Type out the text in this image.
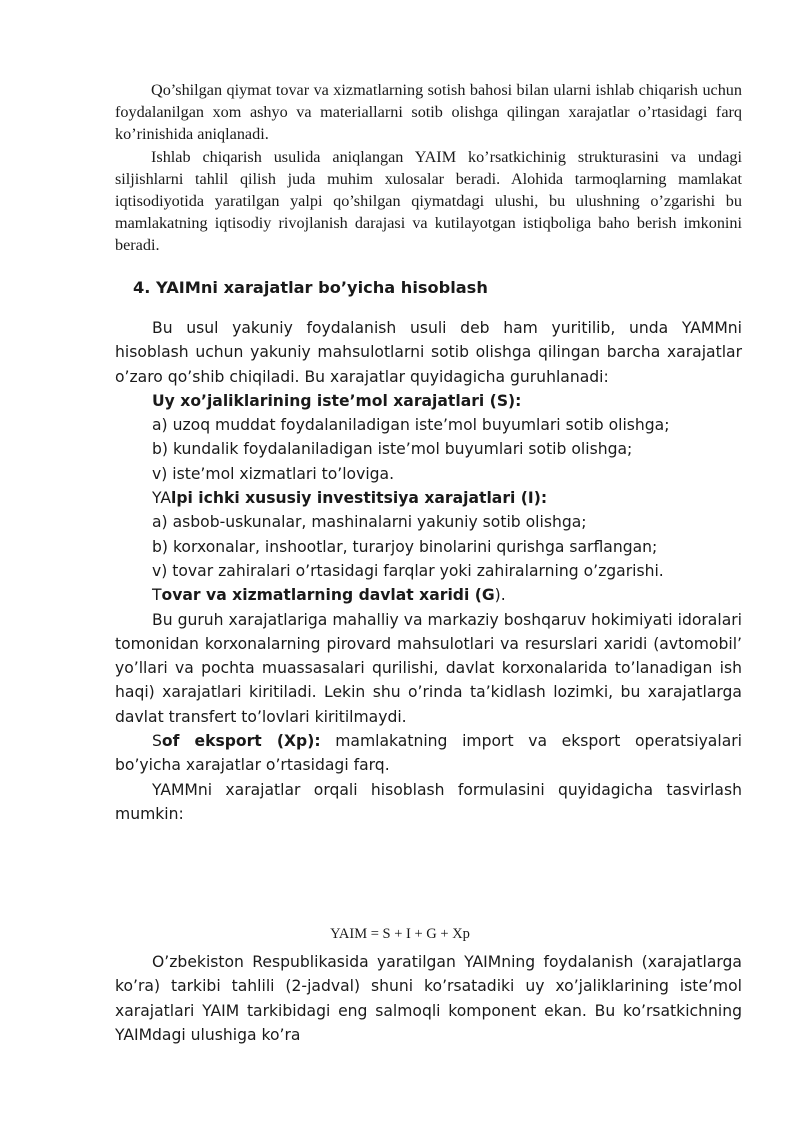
Qo’shilgan qiymat tovar va xizmatlarning sotish bahosi bilan ularni ishlab chiqarish uchun foydalanilgan xom ashyo va materiallarni sotib olishga qilingan xarajatlar o’rtasidagi farq ko’rinishida aniqlanadi.

Ishlab chiqarish usulida aniqlangan YAIM ko’rsatkichinig strukturasini va undagi siljishlarni tahlil qilish juda muhim xulosalar beradi. Alohida tarmoqlarning mamlakat iqtisodiyotida yaratilgan yalpi qo’shilgan qiymatdagi ulushi, bu ulushning o’zgarishi bu mamlakatning iqtisodiy rivojlanish darajasi va kutilayotgan istiqboliga baho berish imkonini beradi.

4. YAIMni xarajatlar bo’yicha hisoblash

Bu usul yakuniy foydalanish usuli deb ham yuritilib, unda YAMMni hisoblash uchun yakuniy mahsulotlarni sotib olishga qilingan barcha xarajatlar o’zaro qo’shib chiqiladi. Bu xarajatlar quyidagicha guruhlanadi:

Uy xo’jaliklarining iste’mol xarajatlari (S):
a) uzoq muddat foydalaniladigan iste’mol buyumlari sotib olishga;
b) kundalik foydalaniladigan iste’mol buyumlari sotib olishga;
v) iste’mol xizmatlari to’loviga.
YAlpi ichki xususiy investitsiya xarajatlari (I):
a) asbob-uskunalar, mashinalarni yakuniy sotib olishga;
b) korxonalar, inshootlar, turarjoy binolarini qurishga sarflangan;
v) tovar zahiralari o’rtasidagi farqlar yoki zahiralarning o’zgarishi.
Tovar va xizmatlarning davlat xaridi (G).

Bu guruh xarajatlariga mahalliy va markaziy boshqaruv hokimiyati idoralari tomonidan korxonalarning pirovard mahsulotlari va resurslari xaridi (avtomobil’ yo’llari va pochta muassasalari qurilishi, davlat korxonalarida to’lanadigan ish haqi) xarajatlari kiritiladi. Lekin shu o’rinda ta’kidlash lozimki, bu xarajatlarga davlat transfert to’lovlari kiritilmaydi.

Sof eksport (Xp): mamlakatning import va eksport operatsiyalari bo’yicha xarajatlar o’rtasidagi farq.

YAMMni xarajatlar orqali hisoblash formulasini quyidagicha tasvirlash mumkin:

YAIM = S + I + G + Xp

O’zbekiston Respublikasida yaratilgan YAIMning foydalanish (xarajatlarga ko’ra) tarkibi tahlili (2-jadval) shuni ko’rsatadiki uy xo’jaliklarining iste’mol xarajatlari YAIM tarkibidagi eng salmoqli komponent ekan. Bu ko’rsatkichning YAIMdagi ulushiga ko’ra
